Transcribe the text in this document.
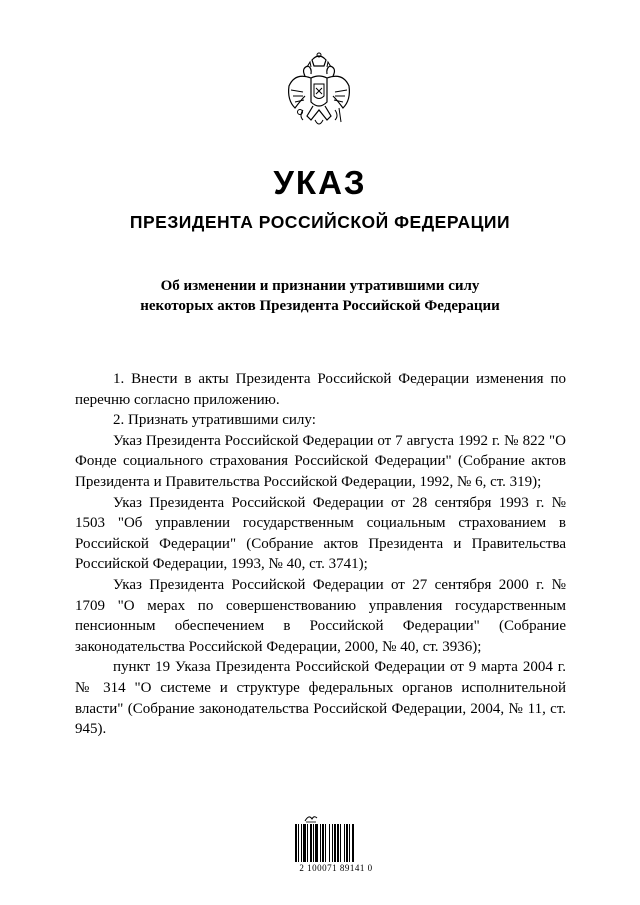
УКАЗ
ПРЕЗИДЕНТА РОССИЙСКОЙ ФЕДЕРАЦИИ
Об изменении и признании утратившими силу
некоторых актов Президента Российской Федерации

1. Внести в акты Президента Российской Федерации изменения по перечню согласно приложению.

2. Признать утратившими силу:

Указ Президента Российской Федерации от 7 августа 1992 г. № 822 "О Фонде социального страхования Российской Федерации" (Собрание актов Президента и Правительства Российской Федерации, 1992, № 6, ст. 319);

Указ Президента Российской Федерации от 28 сентября 1993 г. № 1503 "Об управлении государственным социальным страхованием в Российской Федерации" (Собрание актов Президента и Правительства Российской Федерации, 1993, № 40, ст. 3741);

Указ Президента Российской Федерации от 27 сентября 2000 г. № 1709 "О мерах по совершенствованию управления государственным пенсионным обеспечением в Российской Федерации" (Собрание законодательства Российской Федерации, 2000, № 40, ст. 3936);

пункт 19 Указа Президента Российской Федерации от 9 марта 2004 г. № 314 "О системе и структуре федеральных органов исполнительной власти" (Собрание законодательства Российской Федерации, 2004, № 11, ст. 945).

2 100071 89141 0
